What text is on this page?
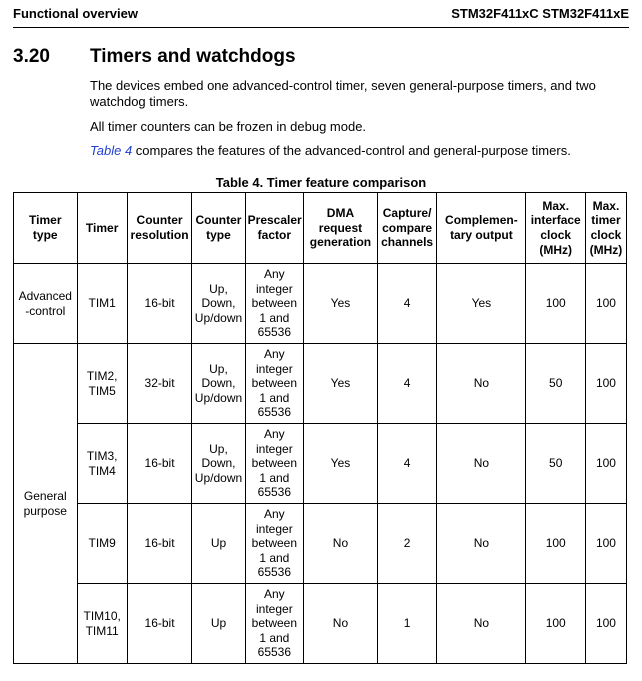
Functional overview	STM32F411xC STM32F411xE
3.20 Timers and watchdogs
The devices embed one advanced-control timer, seven general-purpose timers, and two watchdog timers.
All timer counters can be frozen in debug mode.
Table 4 compares the features of the advanced-control and general-purpose timers.
Table 4. Timer feature comparison
Timer type	Timer	Counter resolution	Counter type	Prescaler factor	DMA request generation	Capture/ compare channels	Complemen-tary output	Max. interface clock (MHz)	Max. timer clock (MHz)
Advanced -control	TIM1	16-bit	Up, Down, Up/down	Any integer between 1 and 65536	Yes	4	Yes	100	100
General purpose	TIM2, TIM5	32-bit	Up, Down, Up/down	Any integer between 1 and 65536	Yes	4	No	50	100
	TIM3, TIM4	16-bit	Up, Down, Up/down	Any integer between 1 and 65536	Yes	4	No	50	100
	TIM9	16-bit	Up	Any integer between 1 and 65536	No	2	No	100	100
	TIM10, TIM11	16-bit	Up	Any integer between 1 and 65536	No	1	No	100	100
